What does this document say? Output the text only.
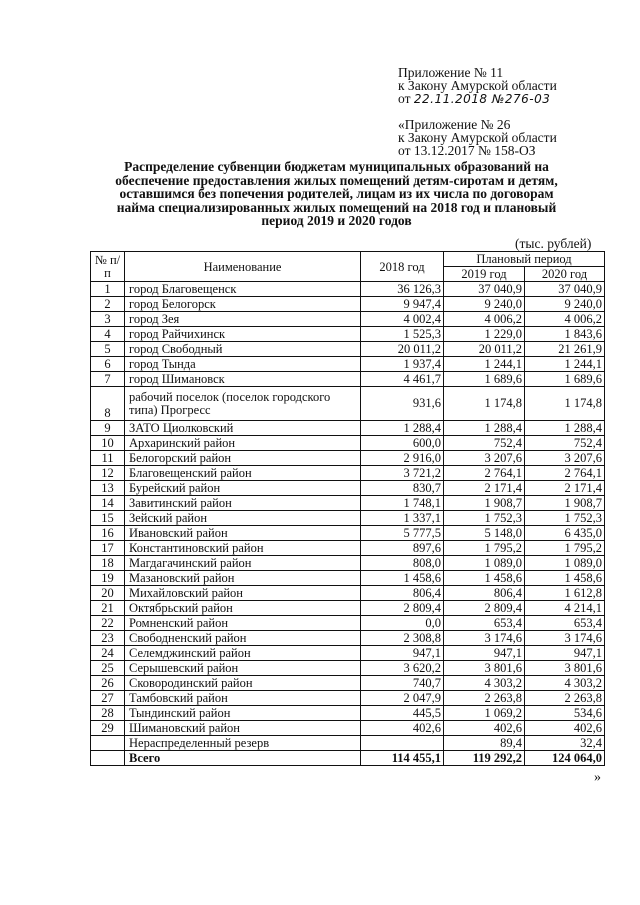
Приложение № 11
к Закону Амурской области
от 22.11.2018 №276-03
«Приложение № 26
к Закону Амурской области
от 13.12.2017 № 158-ОЗ
Распределение субвенции бюджетам муниципальных образований на
обеспечение предоставления жилых помещений детям-сиротам и детям,
оставшимся без попечения родителей, лицам из их числа по договорам
найма специализированных жилых помещений на 2018 год и плановый
период 2019 и 2020 годов
(тыс. рублей)
№ п/п	Наименование	2018 год	Плановый период	
			2019 год	2020 год
1	город Благовещенск	36 126,3	37 040,9	37 040,9
2	город Белогорск	9 947,4	9 240,0	9 240,0
3	город Зея	4 002,4	4 006,2	4 006,2
4	город Райчихинск	1 525,3	1 229,0	1 843,6
5	город Свободный	20 011,2	20 011,2	21 261,9
6	город Тында	1 937,4	1 244,1	1 244,1
7	город Шимановск	4 461,7	1 689,6	1 689,6
8	рабочий поселок (поселок городского типа) Прогресс	931,6	1 174,8	1 174,8
9	ЗАТО Циолковский	1 288,4	1 288,4	1 288,4
10	Архаринский район	600,0	752,4	752,4
11	Белогорский район	2 916,0	3 207,6	3 207,6
12	Благовещенский район	3 721,2	2 764,1	2 764,1
13	Бурейский район	830,7	2 171,4	2 171,4
14	Завитинский район	1 748,1	1 908,7	1 908,7
15	Зейский район	1 337,1	1 752,3	1 752,3
16	Ивановский район	5 777,5	5 148,0	6 435,0
17	Константиновский район	897,6	1 795,2	1 795,2
18	Магдагачинский район	808,0	1 089,0	1 089,0
19	Мазановский район	1 458,6	1 458,6	1 458,6
20	Михайловский район	806,4	806,4	1 612,8
21	Октябрьский район	2 809,4	2 809,4	4 214,1
22	Ромненский район	0,0	653,4	653,4
23	Свободненский район	2 308,8	3 174,6	3 174,6
24	Селемджинский район	947,1	947,1	947,1
25	Серышевский район	3 620,2	3 801,6	3 801,6
26	Сковородинский район	740,7	4 303,2	4 303,2
27	Тамбовский район	2 047,9	2 263,8	2 263,8
28	Тындинский район	445,5	1 069,2	534,6
29	Шимановский район	402,6	402,6	402,6
	Нераспределенный резерв		89,4	32,4
	Всего	114 455,1	119 292,2	124 064,0
»
